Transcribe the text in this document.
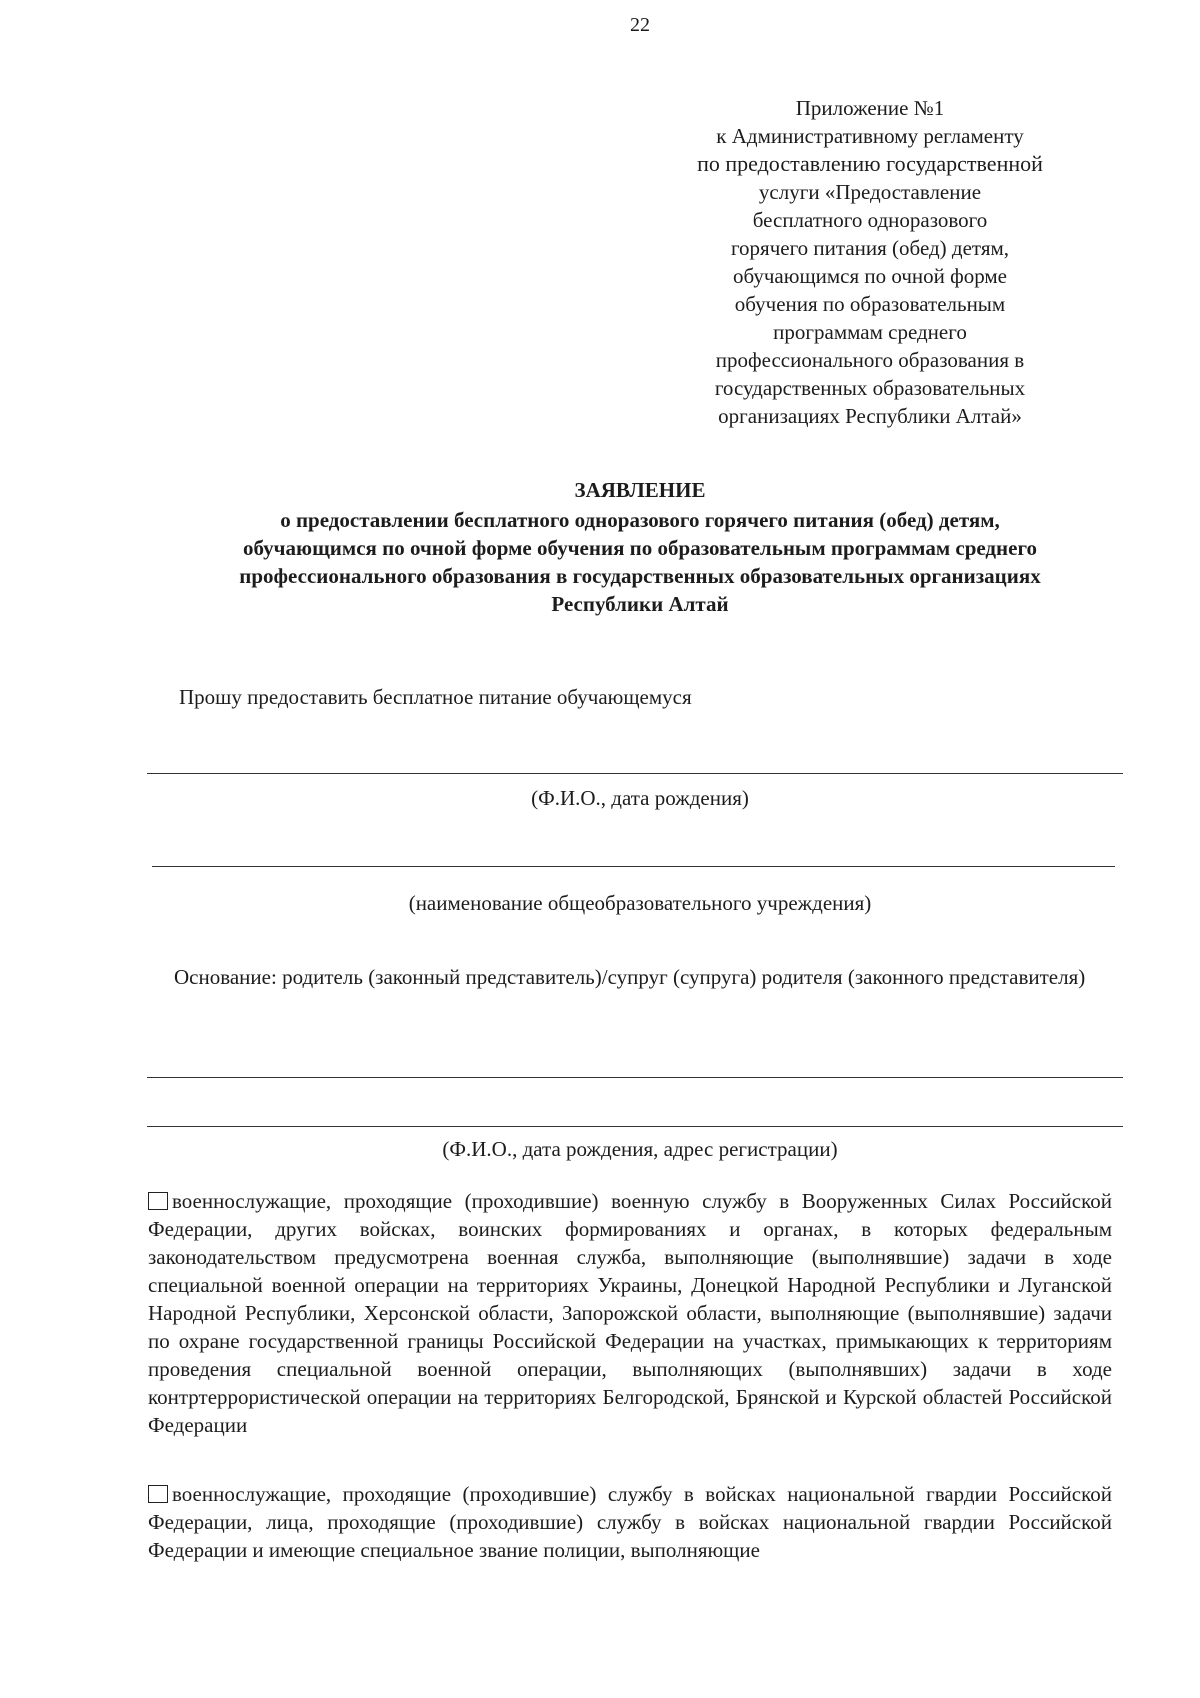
22
Приложение №1
к Административному регламенту
по предоставлению государственной
услуги «Предоставление
бесплатного одноразового
горячего питания (обед) детям,
обучающимся по очной форме
обучения по образовательным
программам среднего
профессионального образования в
государственных образовательных
организациях Республики Алтай»
ЗАЯВЛЕНИЕ
о предоставлении бесплатного одноразового горячего питания (обед) детям,
обучающимся по очной форме обучения по образовательным программам среднего
профессионального образования в государственных образовательных организациях
Республики Алтай
Прошу предоставить бесплатное питание обучающемуся
(Ф.И.О., дата рождения)
(наименование общеобразовательного учреждения)
Основание: родитель (законный представитель)/супруг (супруга) родителя (законного представителя)
(Ф.И.О., дата рождения, адрес регистрации)
военнослужащие, проходящие (проходившие) военную службу в Вооруженных Силах Российской Федерации, других войсках, воинских формированиях и органах, в которых федеральным законодательством предусмотрена военная служба, выполняющие (выполнявшие) задачи в ходе специальной военной операции на территориях Украины, Донецкой Народной Республики и Луганской Народной Республики, Херсонской области, Запорожской области, выполняющие (выполнявшие) задачи по охране государственной границы Российской Федерации на участках, примыкающих к территориям проведения специальной военной операции, выполняющих (выполнявших) задачи в ходе контртеррористической операции на территориях Белгородской, Брянской и Курской областей Российской Федерации
военнослужащие, проходящие (проходившие) службу в войсках национальной гвардии Российской Федерации, лица, проходящие (проходившие) службу в войсках национальной гвардии Российской Федерации и имеющие специальное звание полиции, выполняющие
